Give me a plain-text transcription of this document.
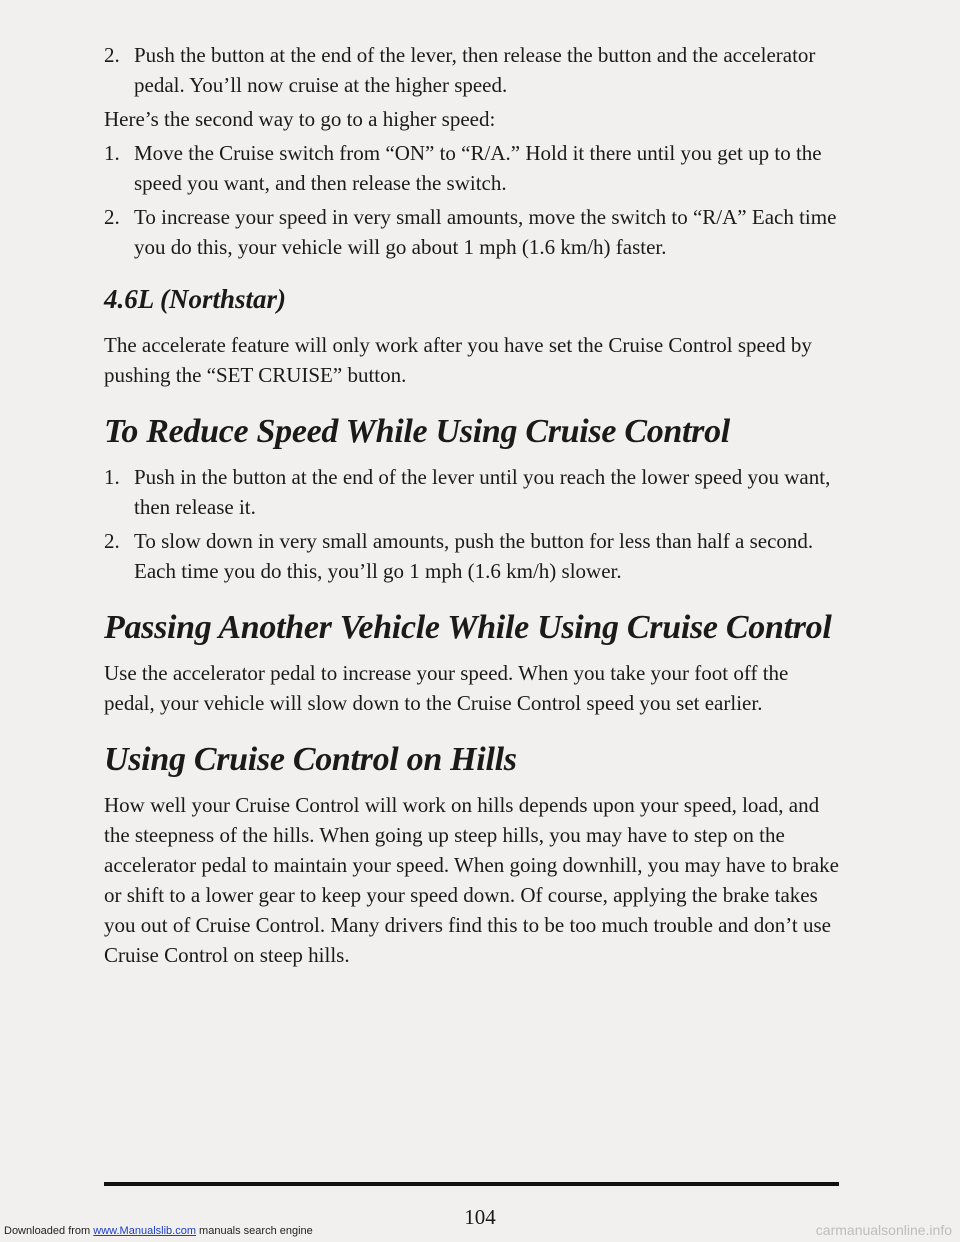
2. Push the button at the end of the lever, then release the button and the accelerator pedal. You’ll now cruise at the higher speed.
Here’s the second way to go to a higher speed:
1. Move the Cruise switch from “ON” to “R/A.” Hold it there until you get up to the speed you want, and then release the switch.
2. To increase your speed in very small amounts, move the switch to “R/A” Each time you do this, your vehicle will go about 1 mph (1.6 km/h) faster.
4.6L (Northstar)
The accelerate feature will only work after you have set the Cruise Control speed by pushing the “SET CRUISE” button.
To Reduce Speed While Using Cruise Control
1. Push in the button at the end of the lever until you reach the lower speed you want, then release it.
2. To slow down in very small amounts, push the button for less than half a second. Each time you do this, you’ll go 1 mph (1.6 km/h) slower.
Passing Another Vehicle While Using Cruise Control
Use the accelerator pedal to increase your speed. When you take your foot off the pedal, your vehicle will slow down to the Cruise Control speed you set earlier.
Using Cruise Control on Hills
How well your Cruise Control will work on hills depends upon your speed, load, and the steepness of the hills. When going up steep hills, you may have to step on the accelerator pedal to maintain your speed. When going downhill, you may have to brake or shift to a lower gear to keep your speed down. Of course, applying the brake takes you out of Cruise Control. Many drivers find this to be too much trouble and don’t use Cruise Control on steep hills.
104
Downloaded from www.Manualslib.com manuals search engine	carmanualsonline.info
